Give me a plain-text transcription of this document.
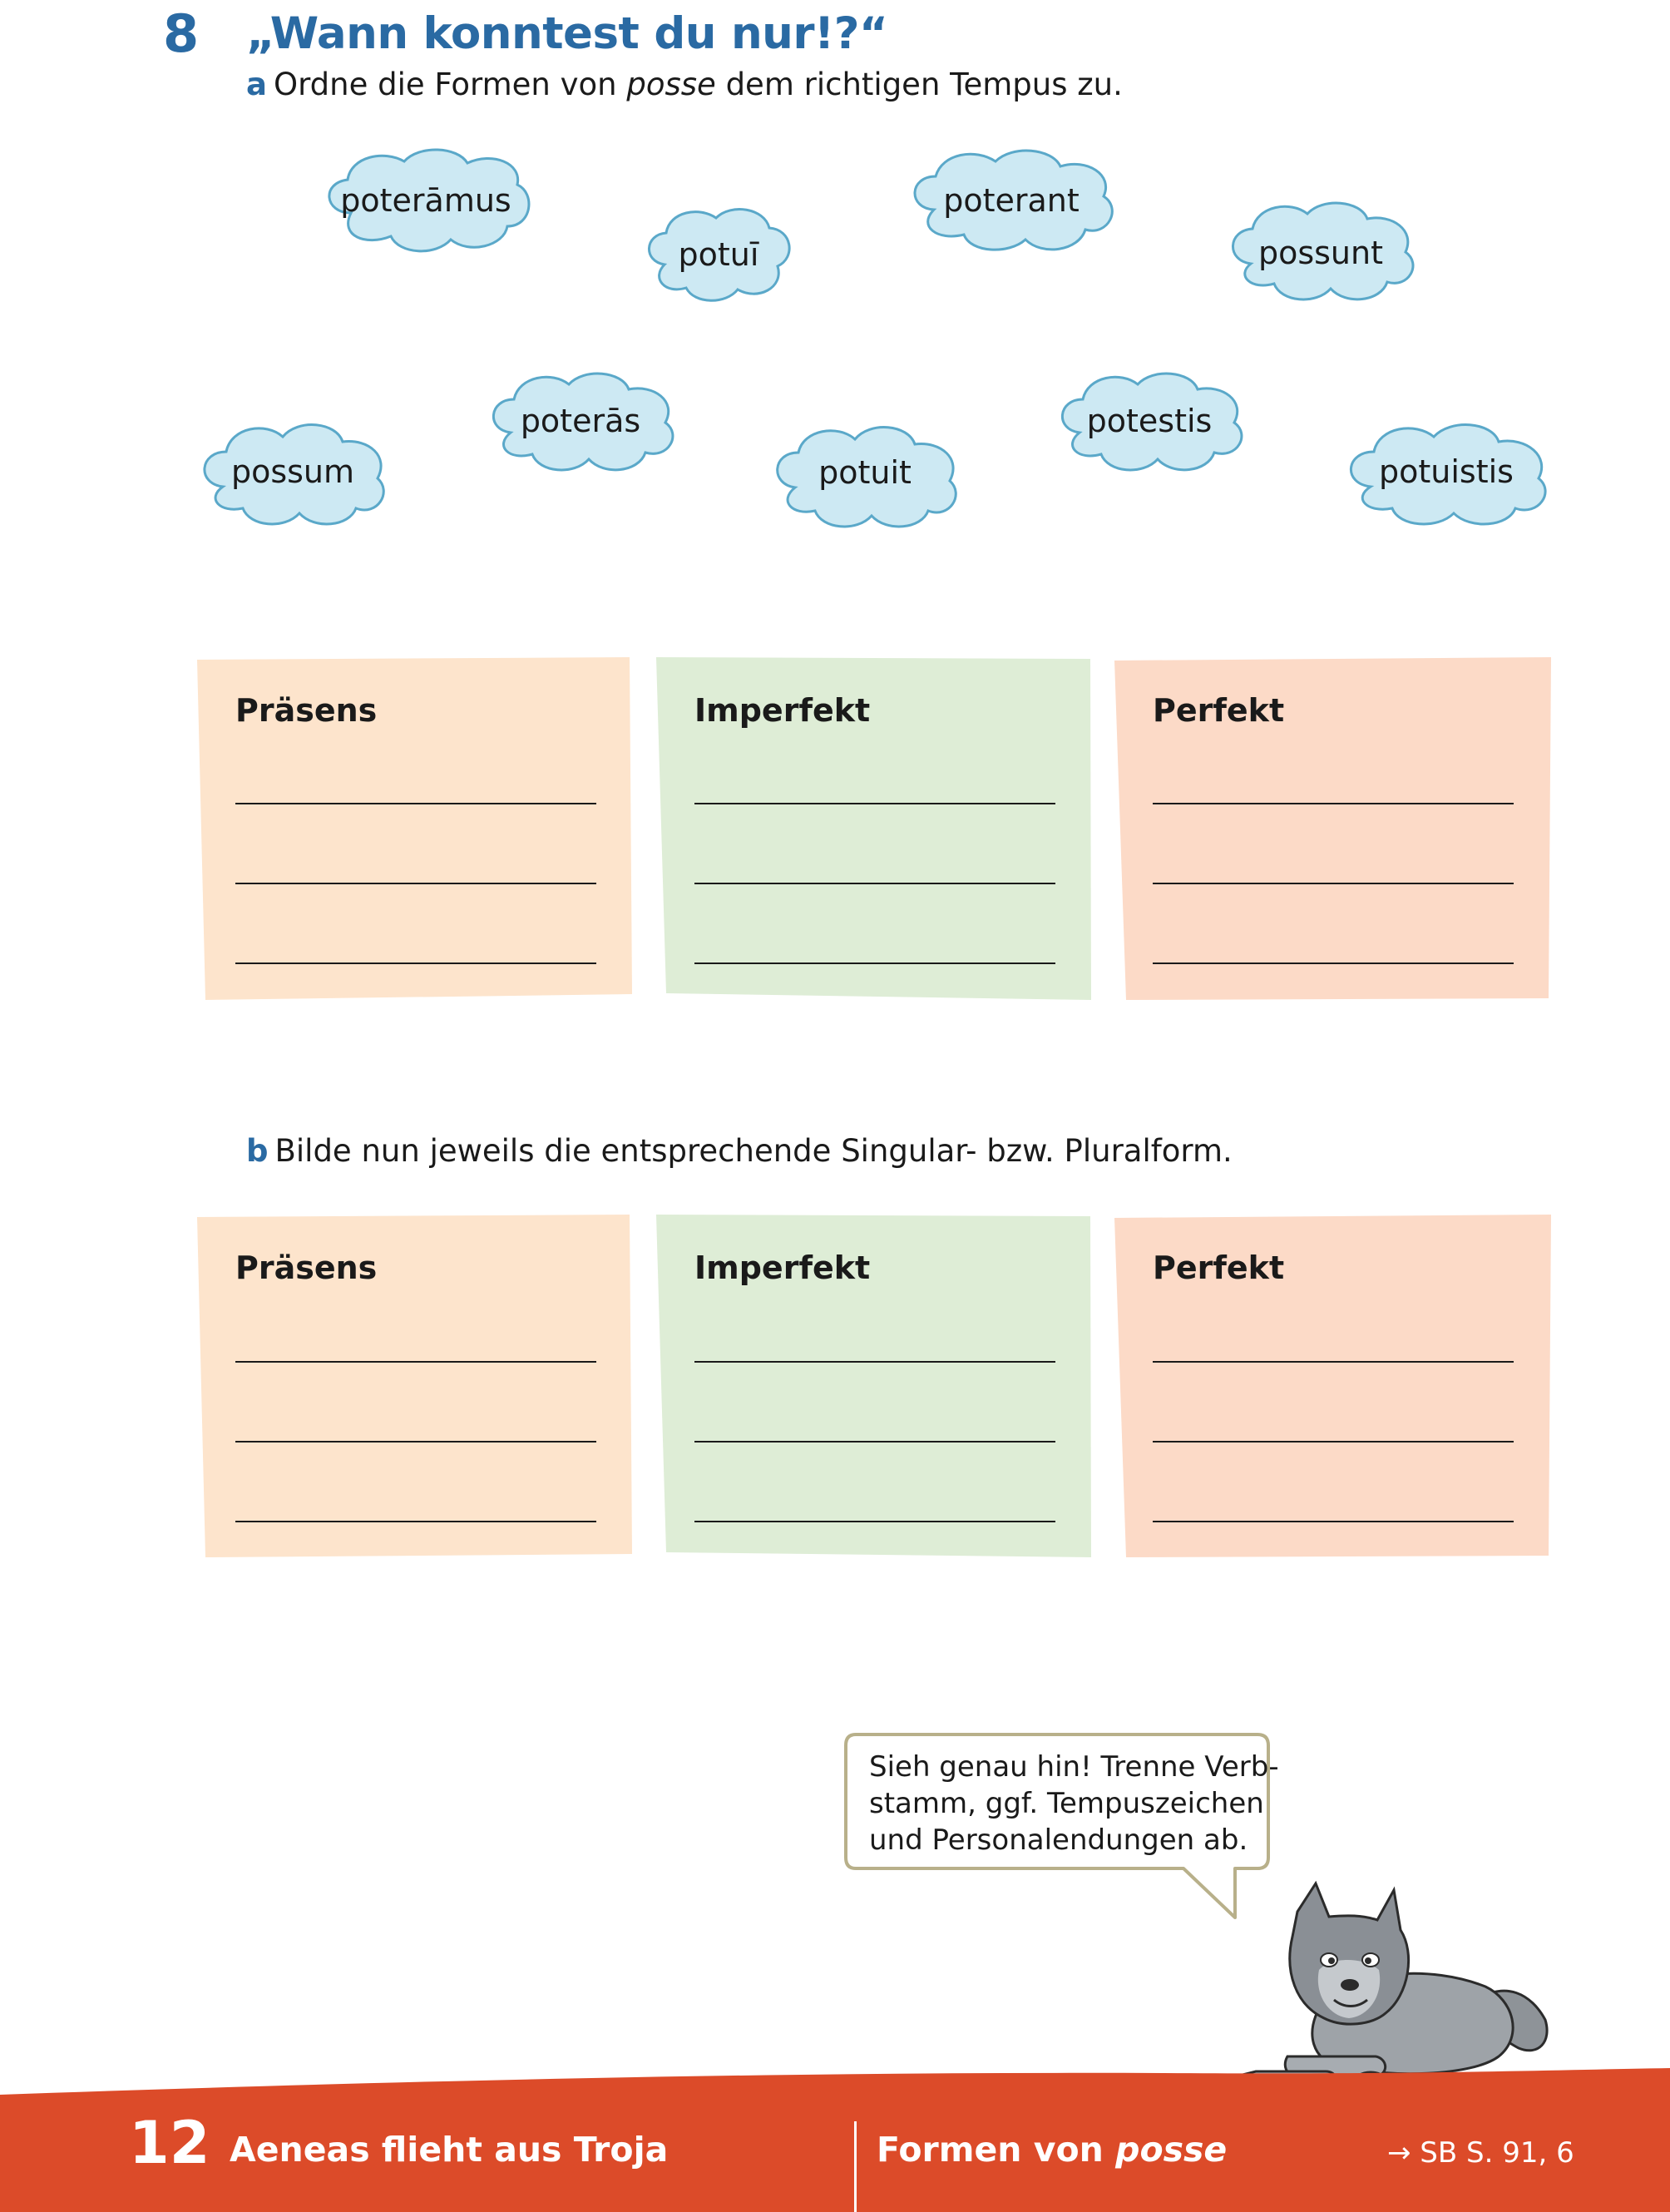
8 „Wann konntest du nur!?“
a Ordne die Formen von posse dem richtigen Tempus zu.
poterāmus
potuī
poterant
possunt
possum
poterās
potuit
potestis
potuistis
Präsens	Imperfekt	Perfekt
b Bilde nun jeweils die entsprechende Singular- bzw. Pluralform.
Präsens	Imperfekt	Perfekt
Sieh genau hin! Trenne Verb-
stamm, ggf. Tempuszeichen
und Personalendungen ab.
12 Aeneas flieht aus Troja	Formen von posse	→ SB S. 91, 6
